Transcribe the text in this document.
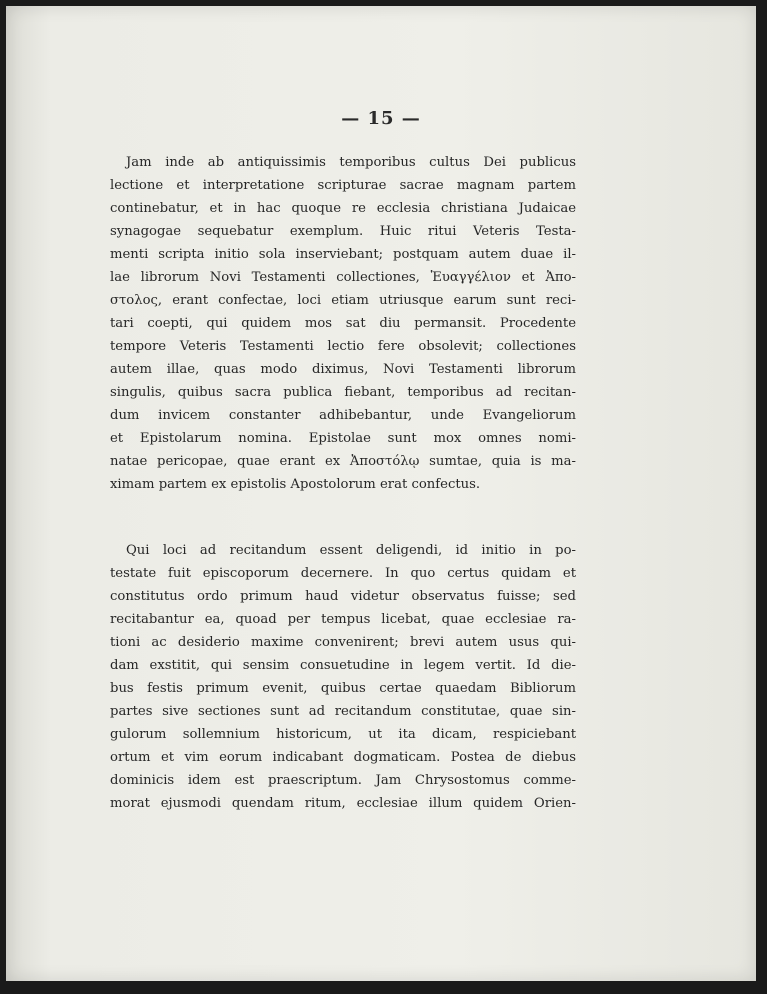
— 15 —
Jam inde ab antiquissimis temporibus cultus Dei publicus
lectione et interpretatione scripturae sacrae magnam partem
continebatur, et in hac quoque re ecclesia christiana Judaicae
synagogae sequebatur exemplum. Huic ritui Veteris Testa-
menti scripta initio sola inserviebant; postquam autem duae il-
lae librorum Novi Testamenti collectiones, Ἐυαγγέλιον et Ἀπο-
στολος, erant confectae, loci etiam utriusque earum sunt reci-
tari coepti, qui quidem mos sat diu permansit. Procedente
tempore Veteris Testamenti lectio fere obsolevit; collectiones
autem illae, quas modo diximus, Novi Testamenti librorum
singulis, quibus sacra publica fiebant, temporibus ad recitan-
dum invicem constanter adhibebantur, unde Evangeliorum
et Epistolarum nomina. Epistolae sunt mox omnes nomi-
natae pericopae, quae erant ex Ἀποστόλῳ sumtae, quia is ma-
ximam partem ex epistolis Apostolorum erat confectus.
Qui loci ad recitandum essent deligendi, id initio in po-
testate fuit episcoporum decernere. In quo certus quidam et
constitutus ordo primum haud videtur observatus fuisse; sed
recitabantur ea, quoad per tempus licebat, quae ecclesiae ra-
tioni ac desiderio maxime convenirent; brevi autem usus qui-
dam exstitit, qui sensim consuetudine in legem vertit. Id die-
bus festis primum evenit, quibus certae quaedam Bibliorum
partes sive sectiones sunt ad recitandum constitutae, quae sin-
gulorum sollemnium historicum, ut ita dicam, respiciebant
ortum et vim eorum indicabant dogmaticam. Postea de diebus
dominicis idem est praescriptum. Jam Chrysostomus comme-
morat ejusmodi quendam ritum, ecclesiae illum quidem Orien-
